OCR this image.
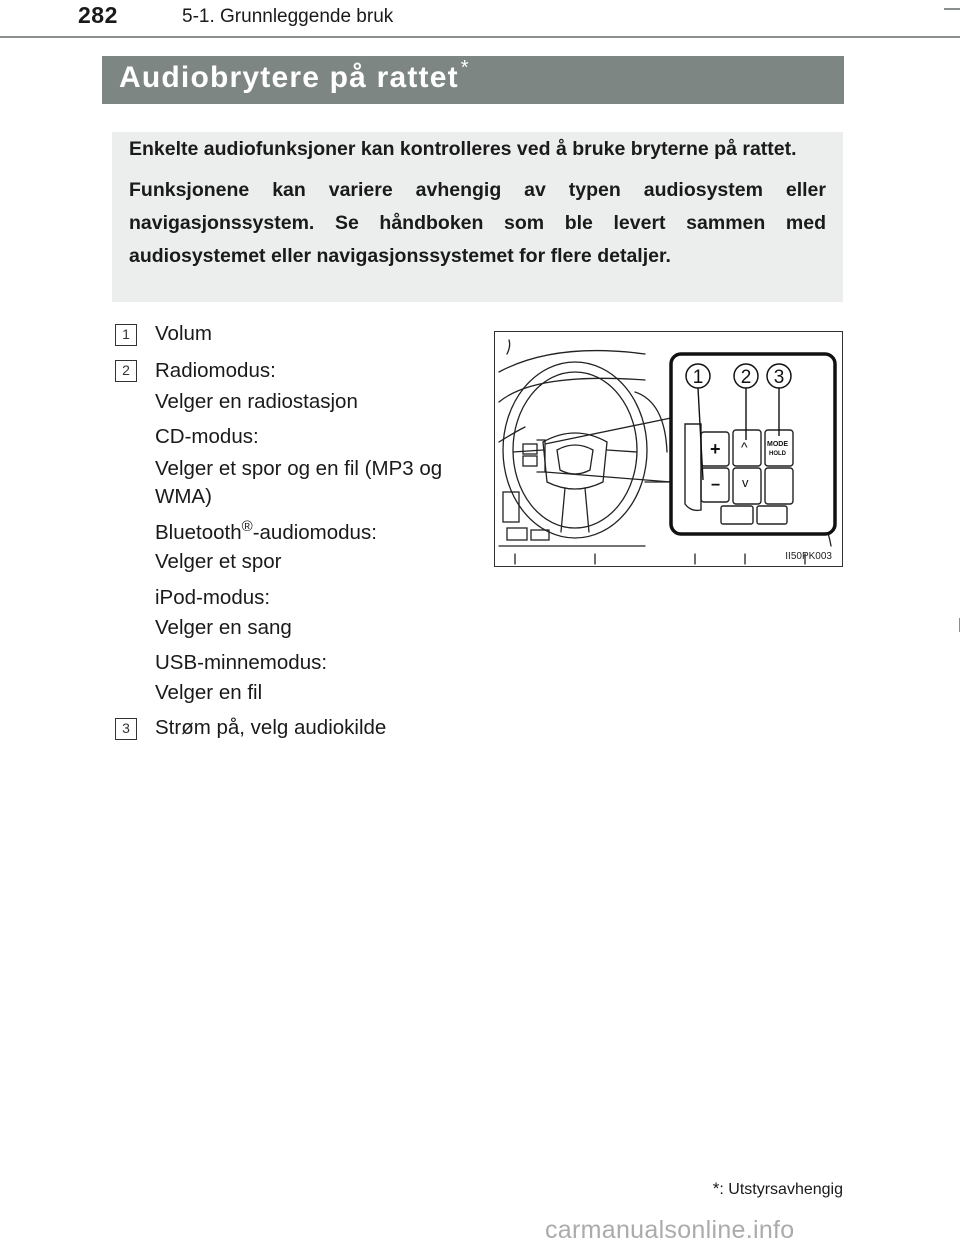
282	5-1. Grunnleggende bruk
Audiobrytere på rattet *

Enkelte audiofunksjoner kan kontrolleres ved å bruke bryterne på rattet.

Funksjonene kan variere avhengig av typen audiosystem eller navigasjonssystem. Se håndboken som ble levert sammen med audiosystemet eller navigasjonssystemet for flere detaljer.

1	Volum
2	Radiomodus:
Velger en radiostasjon
CD-modus:
Velger et spor og en fil (MP3 og
WMA)
Bluetooth®-audiomodus:
Velger et spor
iPod-modus:
Velger en sang
USB-minnemodus:
Velger en fil
3	Strøm på, velg audiokilde
+
−
^
v
MODE
HOLD
1 2 3
II50PK003
*: Utstyrsavhengig
carmanualsonline.info
